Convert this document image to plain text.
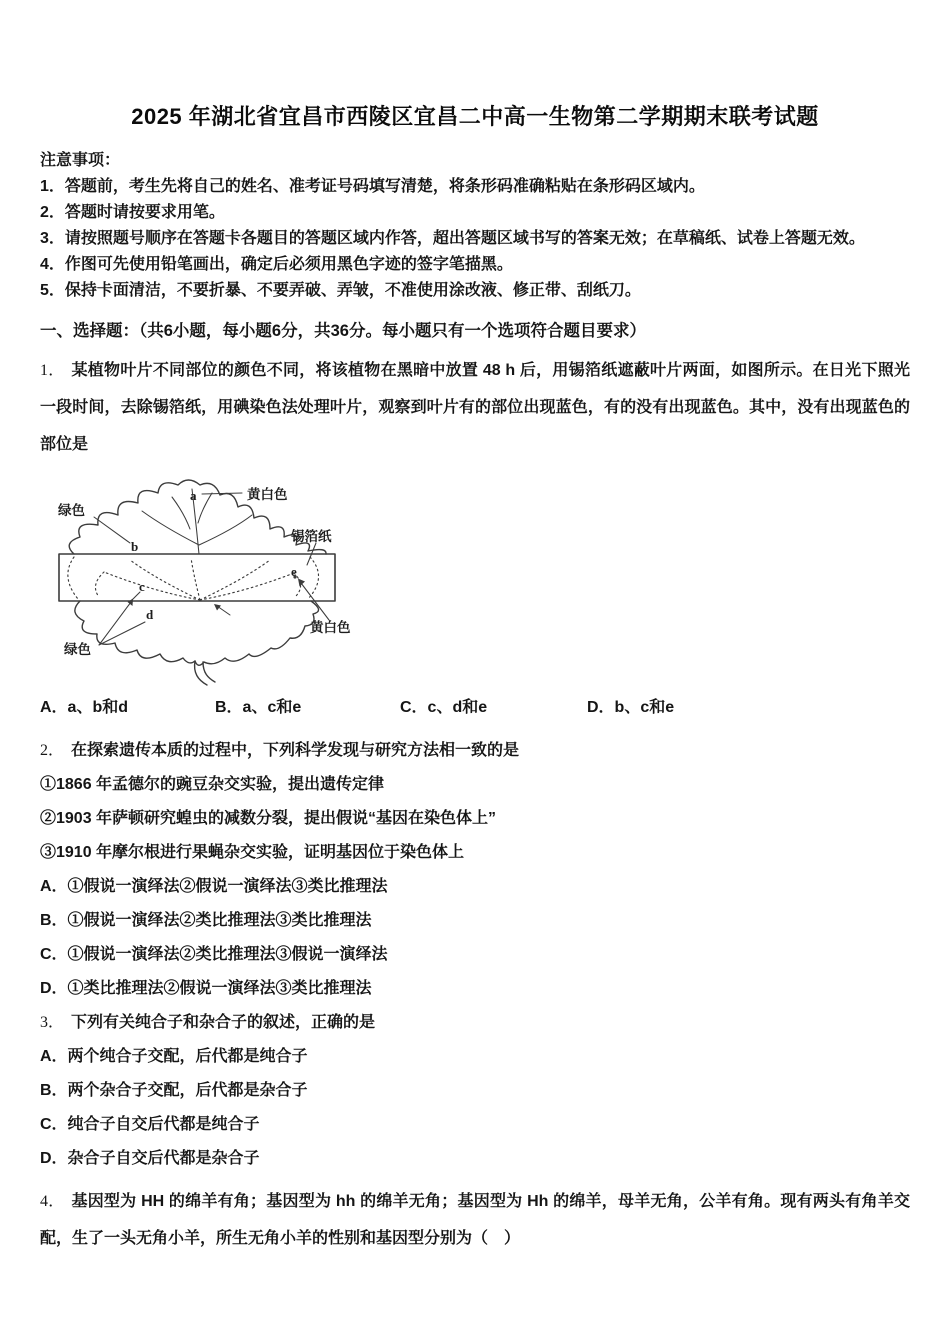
2025 年湖北省宜昌市西陵区宜昌二中高一生物第二学期期末联考试题

注意事项：

1．答题前，考生先将自己的姓名、准考证号码填写清楚，将条形码准确粘贴在条形码区域内。

2．答题时请按要求用笔。

3．请按照题号顺序在答题卡各题目的答题区域内作答，超出答题区域书写的答案无效；在草稿纸、试卷上答题无效。

4．作图可先使用铅笔画出，确定后必须用黑色字迹的签字笔描黑。

5．保持卡面清洁，不要折暴、不要弄破、弄皱，不准使用涂改液、修正带、刮纸刀。

一、选择题：（共6小题，每小题6分，共36分。每小题只有一个选项符合题目要求）

1． 某植物叶片不同部位的颜色不同，将该植物在黑暗中放置 48 h 后，用锡箔纸遮蔽叶片两面，如图所示。在日光下照光一段时间，去除锡箔纸，用碘染色法处理叶片，观察到叶片有的部位出现蓝色，有的没有出现蓝色。其中，没有出现蓝色的部位是

绿色
黄白色
锡箔纸
黄白色
绿色
a
b
c
d
e
A．a、b和d	B．a、c和e	C．c、d和e	D．b、c和e

2． 在探索遗传本质的过程中，下列科学发现与研究方法相一致的是

①1866 年孟德尔的豌豆杂交实验，提出遗传定律

②1903 年萨顿研究蝗虫的减数分裂，提出假说“基因在染色体上”

③1910 年摩尔根进行果蝇杂交实验，证明基因位于染色体上

A．①假说一演绎法②假说一演绎法③类比推理法

B．①假说一演绎法②类比推理法③类比推理法

C．①假说一演绎法②类比推理法③假说一演绎法

D．①类比推理法②假说一演绎法③类比推理法

3． 下列有关纯合子和杂合子的叙述，正确的是

A．两个纯合子交配，后代都是纯合子

B．两个杂合子交配，后代都是杂合子

C．纯合子自交后代都是纯合子

D．杂合子自交后代都是杂合子

4． 基因型为 HH 的绵羊有角；基因型为 hh 的绵羊无角；基因型为 Hh 的绵羊，母羊无角，公羊有角。现有两头有角羊交配，生了一头无角小羊，所生无角小羊的性别和基因型分别为（　）
